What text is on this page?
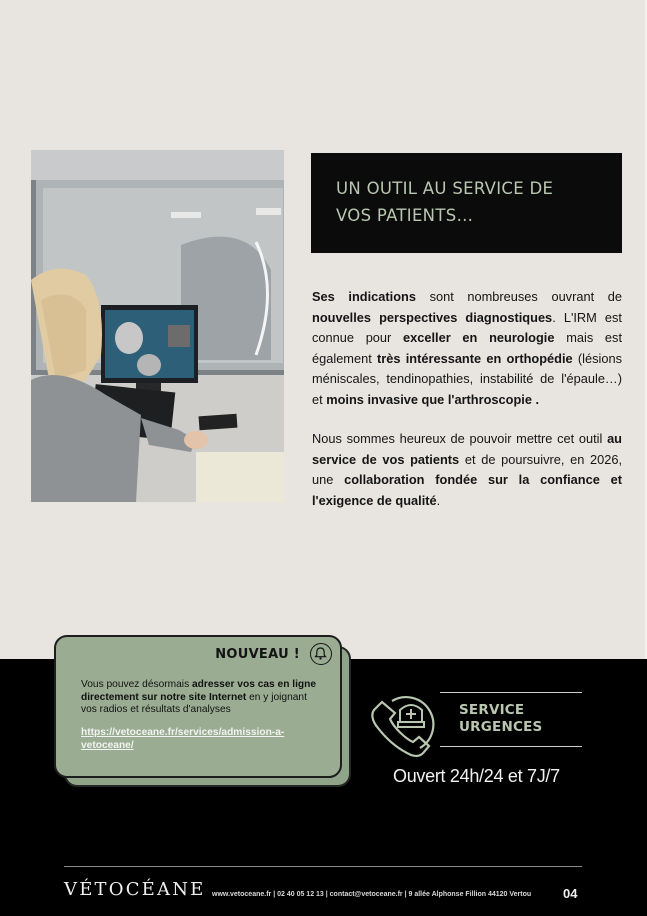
UN OUTIL AU SERVICE DE
VOS PATIENTS…

Ses indications sont nombreuses ouvrant de nouvelles perspectives diagnostiques. L'IRM est connue pour exceller en neurologie mais est également très intéressante en orthopédie (lésions méniscales, tendinopathies, instabilité de l'épaule…) et moins invasive que l'arthroscopie .

Nous sommes heureux de pouvoir mettre cet outil au service de vos patients et de poursuivre, en 2026, une collaboration fondée sur la confiance et l'exigence de qualité.

NOUVEAU !
Vous pouvez désormais adresser vos cas en ligne directement sur notre site Internet en y joignant vos radios et résultats d'analyses
https://vetoceane.fr/services/admission-a-vetoceane/
SERVICE
URGENCES
Ouvert 24h/24 et 7J/7
VÉTOCÉANE www.vetoceane.fr | 02 40 05 12 13 | contact@vetoceane.fr | 9 allée Alphonse Fillion 44120 Vertou 04
